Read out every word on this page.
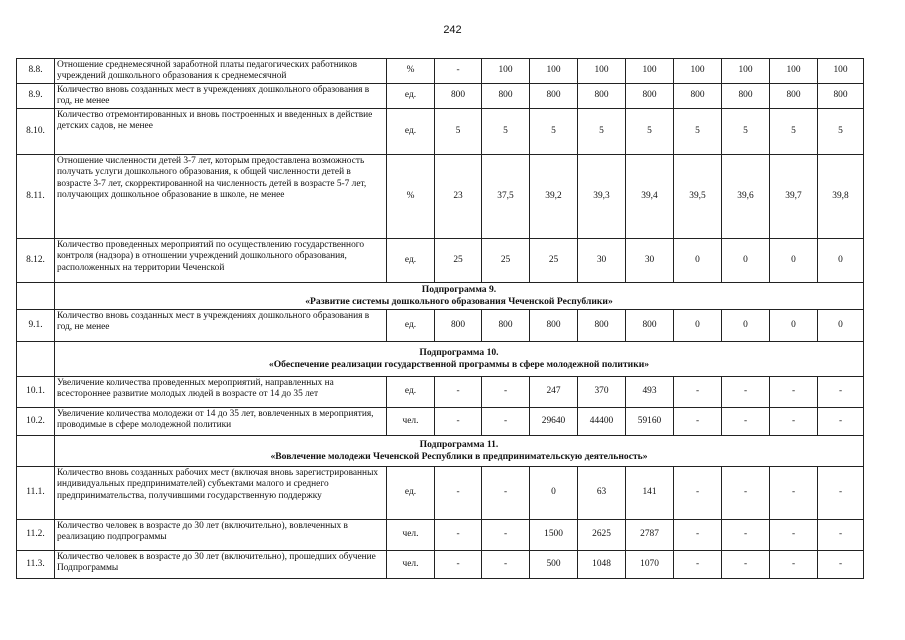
242
8.8.	Отношение среднемесячной заработной платы педагогических работников учреждений дошкольного образования к среднемесячной	%	-	100	100	100	100	100	100	100	100
8.9.	Количество вновь созданных мест в учреждениях дошкольного образования в год, не менее	ед.	800	800	800	800	800	800	800	800	800
8.10.	Количество отремонтированных и вновь построенных и введенных в действие детских садов, не менее	ед.	5	5	5	5	5	5	5	5	5
8.11.	Отношение численности детей 3-7 лет, которым предоставлена возможность получать услуги дошкольного образования, к общей численности детей в возрасте 3-7 лет, скорректированной на численность детей в возрасте 5-7 лет, получающих дошкольное образование в школе, не менее	%	23	37,5	39,2	39,3	39,4	39,5	39,6	39,7	39,8
8.12.	Количество проведенных мероприятий по осуществлению государственного контроля (надзора) в отношении учреждений дошкольного образования, расположенных на территории Чеченской	ед.	25	25	25	30	30	0	0	0	0

	Подпрограмма 9.
«Развитие системы дошкольного образования Чеченской Республики»										

9.1.	Количество вновь созданных мест в учреждениях дошкольного образования в год, не менее	ед.	800	800	800	800	800	0	0	0	0

	Подпрограмма 10.
«Обеспечение реализации государственной программы в сфере молодежной политики»										

10.1.	Увеличение количества проведенных мероприятий, направленных на всестороннее развитие молодых людей в возрасте от 14 до 35 лет	ед.	-	-	247	370	493	-	-	-	-
10.2.	Увеличение количества молодежи от 14 до 35 лет, вовлеченных в мероприятия, проводимые в сфере молодежной политики	чел.	-	-	29640	44400	59160	-	-	-	-

	Подпрограмма 11.
«Вовлечение молодежи Чеченской Республики в предпринимательскую деятельность»										

11.1.	Количество вновь созданных рабочих мест (включая вновь зарегистрированных индивидуальных предпринимателей) субъектами малого и среднего предпринимательства, получившими государственную поддержку	ед.	-	-	0	63	141	-	-	-	-
11.2.	Количество человек в возрасте до 30 лет (включительно), вовлеченных в реализацию подпрограммы	чел.	-	-	1500	2625	2787	-	-	-	-
11.3.	Количество человек в возрасте до 30 лет (включительно), прошедших обучение Подпрограммы	чел.	-	-	500	1048	1070	-	-	-	-
